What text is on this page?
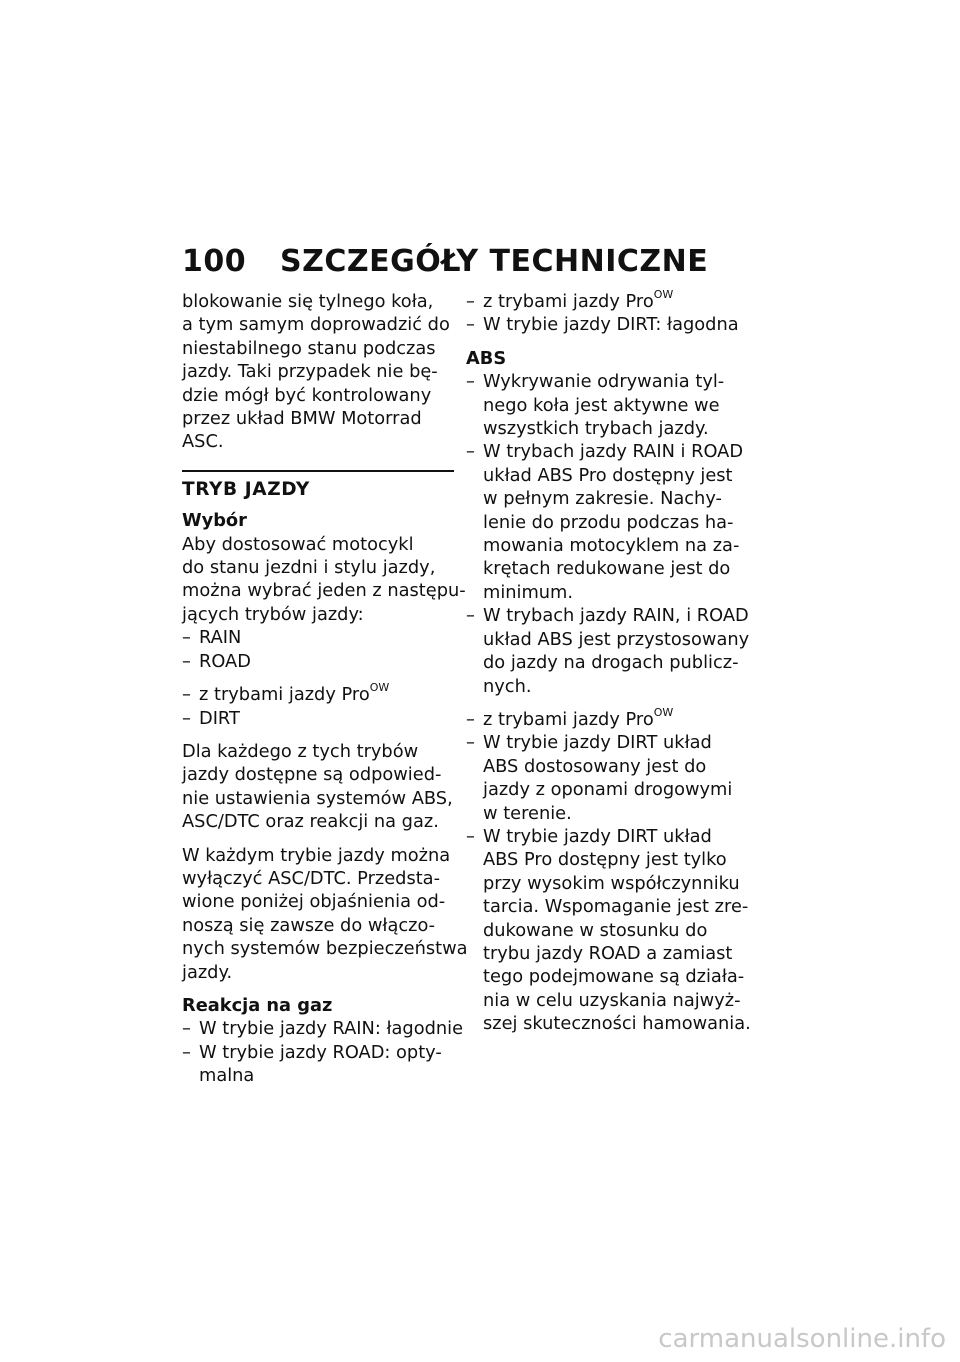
100 SZCZEGÓŁY TECHNICZNE
blokowanie się tylnego koła,
a tym samym doprowadzić do
niestabilnego stanu podczas
jazdy. Taki przypadek nie bę-
dzie mógł być kontrolowany
przez układ BMW Motorrad
ASC.
TRYB JAZDY
Wybór
Aby dostosować motocykl
do stanu jezdni i stylu jazdy,
można wybrać jeden z następu-
jących trybów jazdy:
– RAIN
– ROAD
– z trybami jazdy Pro$^{OW}$
– DIRT
Dla każdego z tych trybów
jazdy dostępne są odpowied-
nie ustawienia systemów ABS,
ASC/DTC oraz reakcji na gaz.
W każdym trybie jazdy można
wyłączyć ASC/DTC. Przedsta-
wione poniżej objaśnienia od-
noszą się zawsze do włączo-
nych systemów bezpieczeństwa
jazdy.
Reakcja na gaz
– W trybie jazdy RAIN: łagodnie
– W trybie jazdy ROAD: opty-
malna
– z trybami jazdy Pro$^{OW}$
– W trybie jazdy DIRT: łagodna
ABS
– Wykrywanie odrywania tyl-
nego koła jest aktywne we
wszystkich trybach jazdy.
– W trybach jazdy RAIN i ROAD
układ ABS Pro dostępny jest
w pełnym zakresie. Nachy-
lenie do przodu podczas ha-
mowania motocyklem na za-
krętach redukowane jest do
minimum.
– W trybach jazdy RAIN, i ROAD
układ ABS jest przystosowany
do jazdy na drogach publicz-
nych.
– z trybami jazdy Pro$^{OW}$
– W trybie jazdy DIRT układ
ABS dostosowany jest do
jazdy z oponami drogowymi
w terenie.
– W trybie jazdy DIRT układ
ABS Pro dostępny jest tylko
przy wysokim współczynniku
tarcia. Wspomaganie jest zre-
dukowane w stosunku do
trybu jazdy ROAD a zamiast
tego podejmowane są działa-
nia w celu uzyskania najwyż-
szej skuteczności hamowania.
carmanualsonline.info
